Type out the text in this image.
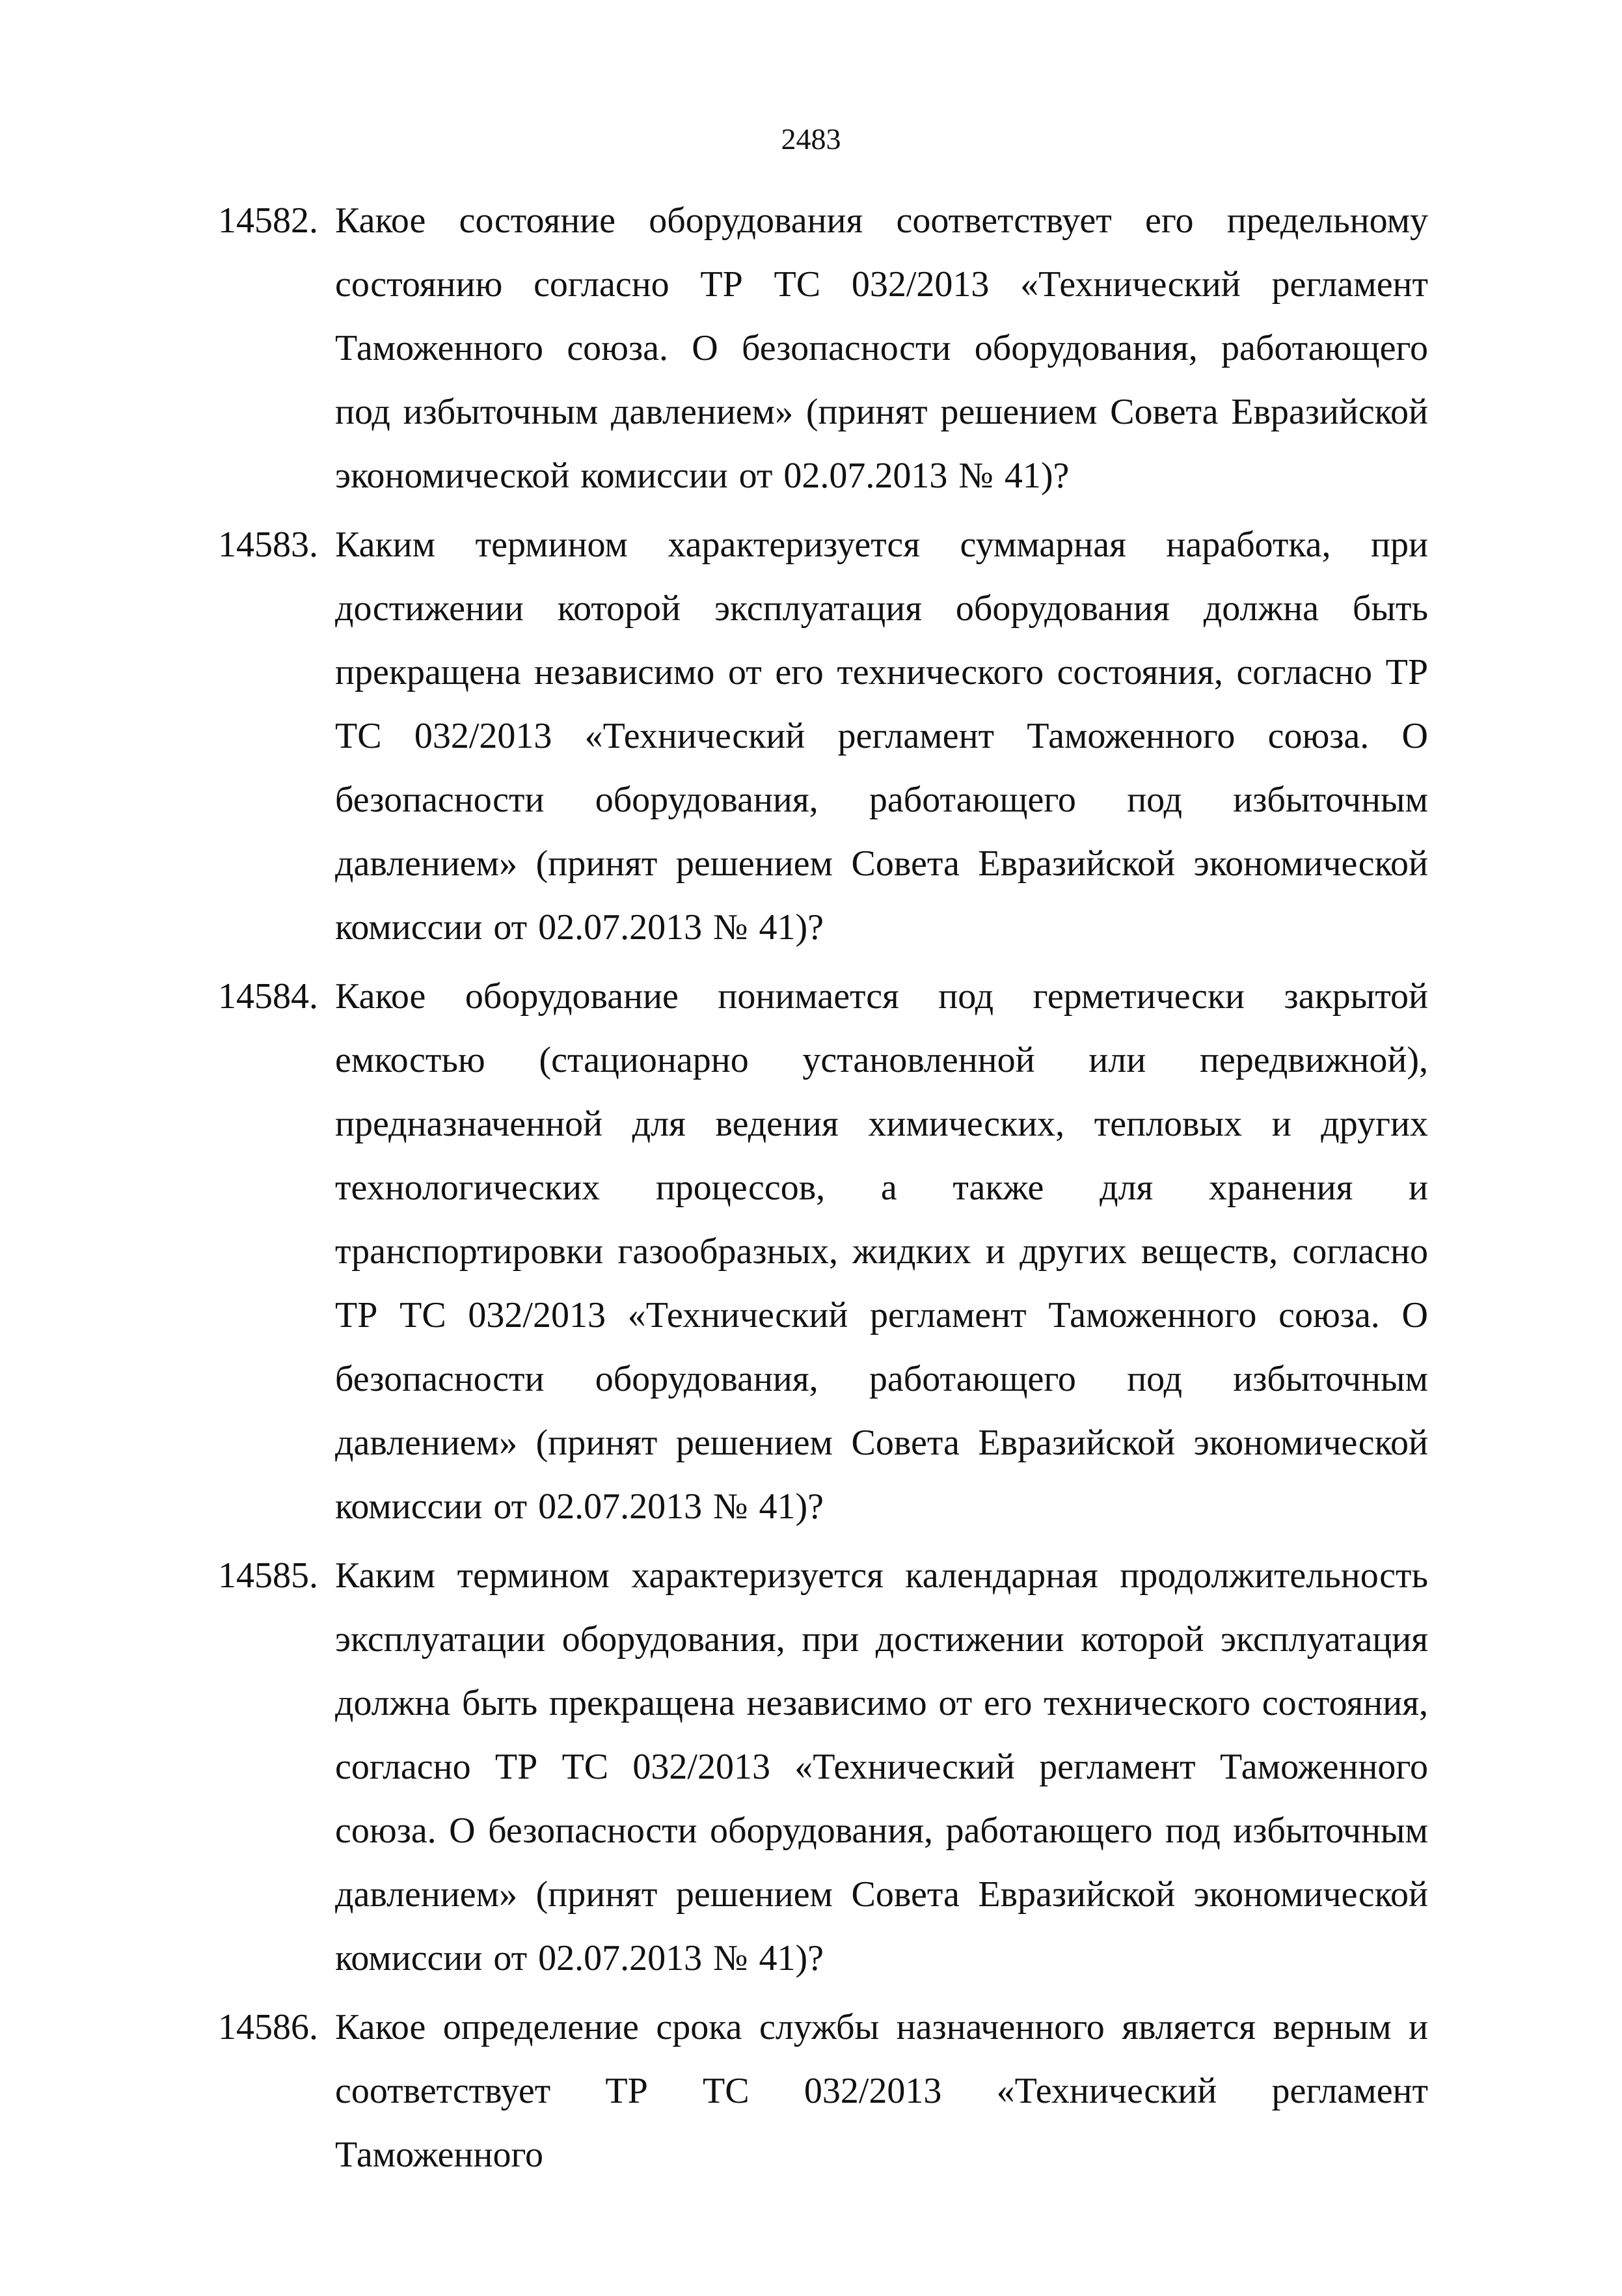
2483
14582. Какое состояние оборудования соответствует его предельному состоянию согласно ТР ТС 032/2013 «Технический регламент Таможенного союза. О безопасности оборудования, работающего под избыточным давлением» (принят решением Совета Евразийской экономической комиссии от 02.07.2013 № 41)?
14583. Каким термином характеризуется суммарная наработка, при достижении которой эксплуатация оборудования должна быть прекращена независимо от его технического состояния, согласно ТР ТС 032/2013 «Технический регламент Таможенного союза. О безопасности оборудования, работающего под избыточным давлением» (принят решением Совета Евразийской экономической комиссии от 02.07.2013 № 41)?
14584. Какое оборудование понимается под герметически закрытой емкостью (стационарно установленной или передвижной), предназначенной для ведения химических, тепловых и других технологических процессов, а также для хранения и транспортировки газообразных, жидких и других веществ, согласно ТР ТС 032/2013 «Технический регламент Таможенного союза. О безопасности оборудования, работающего под избыточным давлением» (принят решением Совета Евразийской экономической комиссии от 02.07.2013 № 41)?
14585. Каким термином характеризуется календарная продолжительность эксплуатации оборудования, при достижении которой эксплуатация должна быть прекращена независимо от его технического состояния, согласно ТР ТС 032/2013 «Технический регламент Таможенного союза. О безопасности оборудования, работающего под избыточным давлением» (принят решением Совета Евразийской экономической комиссии от 02.07.2013 № 41)?
14586. Какое определение срока службы назначенного является верным и соответствует ТР ТС 032/2013 «Технический регламент Таможенного
